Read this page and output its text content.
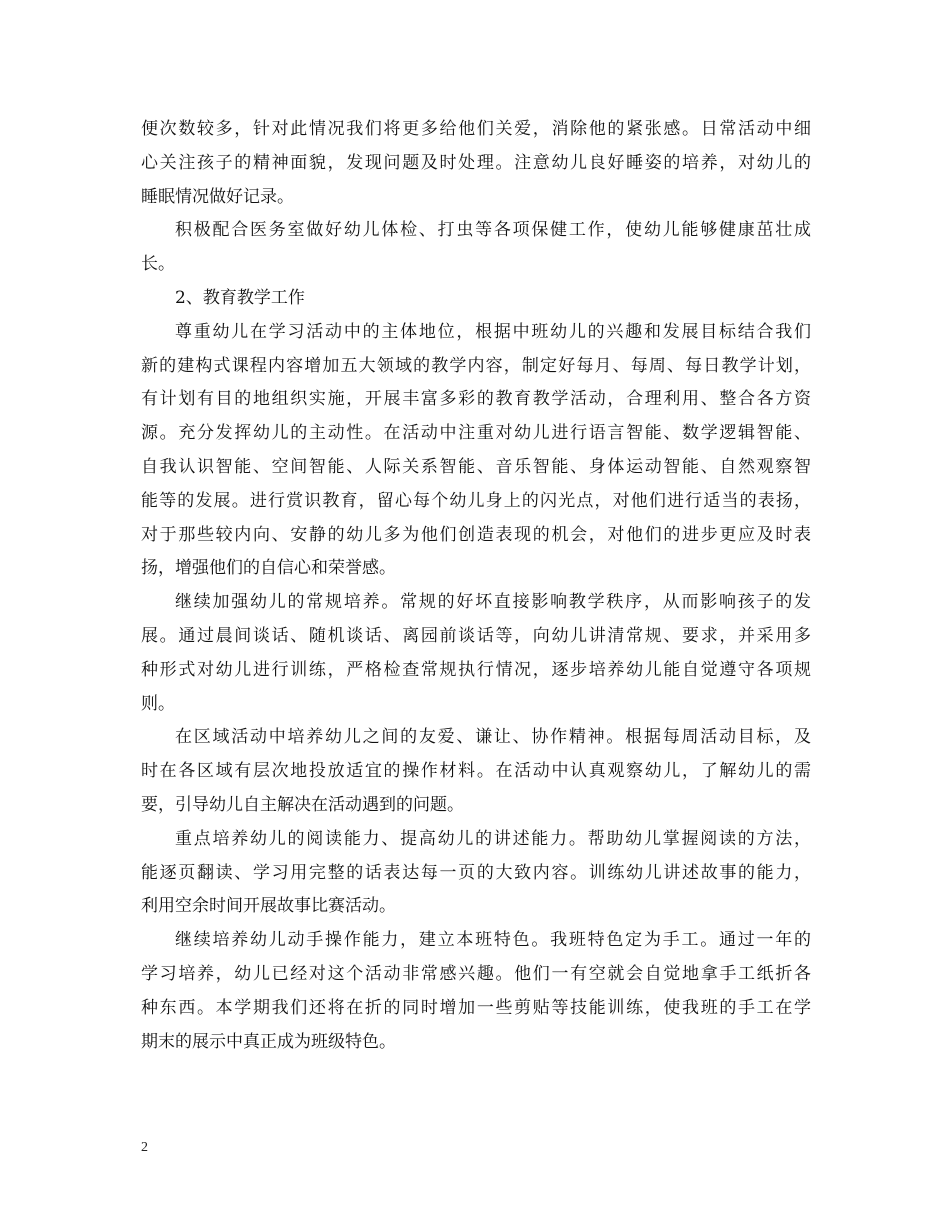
便次数较多，针对此情况我们将更多给他们关爱，消除他的紧张感。日常活动中细
心关注孩子的精神面貌，发现问题及时处理。注意幼儿良好睡姿的培养，对幼儿的
睡眠情况做好记录。
积极配合医务室做好幼儿体检、打虫等各项保健工作，使幼儿能够健康茁壮成
长。
2、教育教学工作
尊重幼儿在学习活动中的主体地位，根据中班幼儿的兴趣和发展目标结合我们
新的建构式课程内容增加五大领域的教学内容，制定好每月、每周、每日教学计划，
有计划有目的地组织实施，开展丰富多彩的教育教学活动，合理利用、整合各方资
源。充分发挥幼儿的主动性。在活动中注重对幼儿进行语言智能、数学逻辑智能、
自我认识智能、空间智能、人际关系智能、音乐智能、身体运动智能、自然观察智
能等的发展。进行赏识教育，留心每个幼儿身上的闪光点，对他们进行适当的表扬，
对于那些较内向、安静的幼儿多为他们创造表现的机会，对他们的进步更应及时表
扬，增强他们的自信心和荣誉感。
继续加强幼儿的常规培养。常规的好坏直接影响教学秩序，从而影响孩子的发
展。通过晨间谈话、随机谈话、离园前谈话等，向幼儿讲清常规、要求，并采用多
种形式对幼儿进行训练，严格检查常规执行情况，逐步培养幼儿能自觉遵守各项规
则。
在区域活动中培养幼儿之间的友爱、谦让、协作精神。根据每周活动目标，及
时在各区域有层次地投放适宜的操作材料。在活动中认真观察幼儿，了解幼儿的需
要，引导幼儿自主解决在活动遇到的问题。
重点培养幼儿的阅读能力、提高幼儿的讲述能力。帮助幼儿掌握阅读的方法，
能逐页翻读、学习用完整的话表达每一页的大致内容。训练幼儿讲述故事的能力，
利用空余时间开展故事比赛活动。
继续培养幼儿动手操作能力，建立本班特色。我班特色定为手工。通过一年的
学习培养，幼儿已经对这个活动非常感兴趣。他们一有空就会自觉地拿手工纸折各
种东西。本学期我们还将在折的同时增加一些剪贴等技能训练，使我班的手工在学
期末的展示中真正成为班级特色。
2
